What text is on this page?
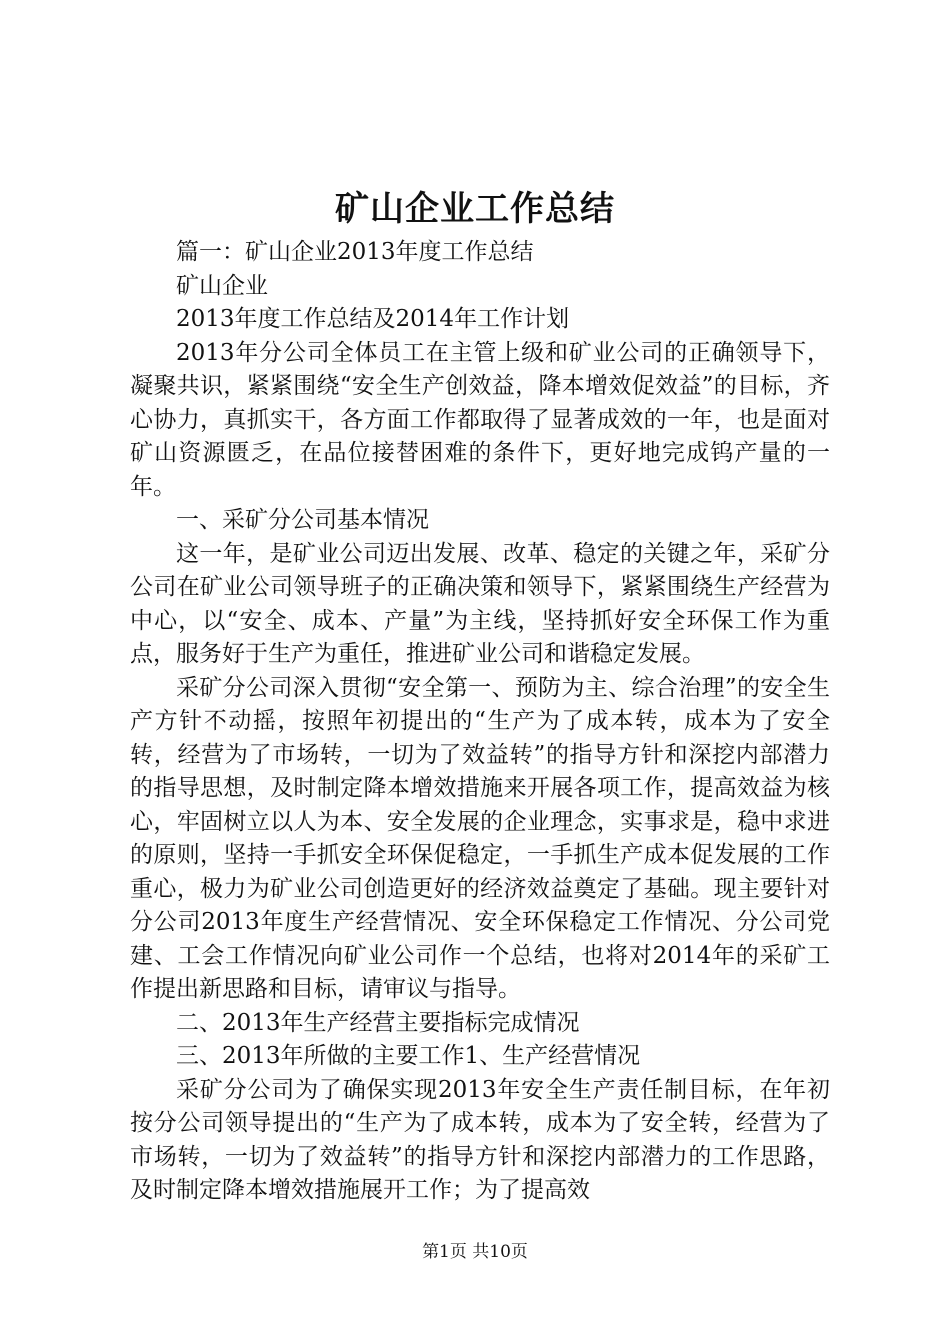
矿山企业工作总结

篇一：矿山企业2013年度工作总结

矿山企业

2013年度工作总结及2014年工作计划

2013年分公司全体员工在主管上级和矿业公司的正确领导下，凝聚共识，紧紧围绕“安全生产创效益，降本增效促效益”的目标，齐心协力，真抓实干，各方面工作都取得了显著成效的一年，也是面对矿山资源匮乏，在品位接替困难的条件下，更好地完成钨产量的一年。

一、采矿分公司基本情况

这一年，是矿业公司迈出发展、改革、稳定的关键之年，采矿分公司在矿业公司领导班子的正确决策和领导下，紧紧围绕生产经营为中心，以“安全、成本、产量”为主线，坚持抓好安全环保工作为重点，服务好于生产为重任，推进矿业公司和谐稳定发展。

采矿分公司深入贯彻“安全第一、预防为主、综合治理”的安全生产方针不动摇，按照年初提出的“生产为了成本转，成本为了安全转，经营为了市场转，一切为了效益转”的指导方针和深挖内部潜力的指导思想，及时制定降本增效措施来开展各项工作，提高效益为核心，牢固树立以人为本、安全发展的企业理念，实事求是，稳中求进的原则，坚持一手抓安全环保促稳定，一手抓生产成本促发展的工作重心，极力为矿业公司创造更好的经济效益奠定了基础。现主要针对分公司2013年度生产经营情况、安全环保稳定工作情况、分公司党建、工会工作情况向矿业公司作一个总结，也将对2014年的采矿工作提出新思路和目标，请审议与指导。

二、2013年生产经营主要指标完成情况

三、2013年所做的主要工作1、生产经营情况

采矿分公司为了确保实现2013年安全生产责任制目标，在年初按分公司领导提出的“生产为了成本转，成本为了安全转，经营为了市场转，一切为了效益转”的指导方针和深挖内部潜力的工作思路，及时制定降本增效措施展开工作；为了提高效

第1页 共10页
